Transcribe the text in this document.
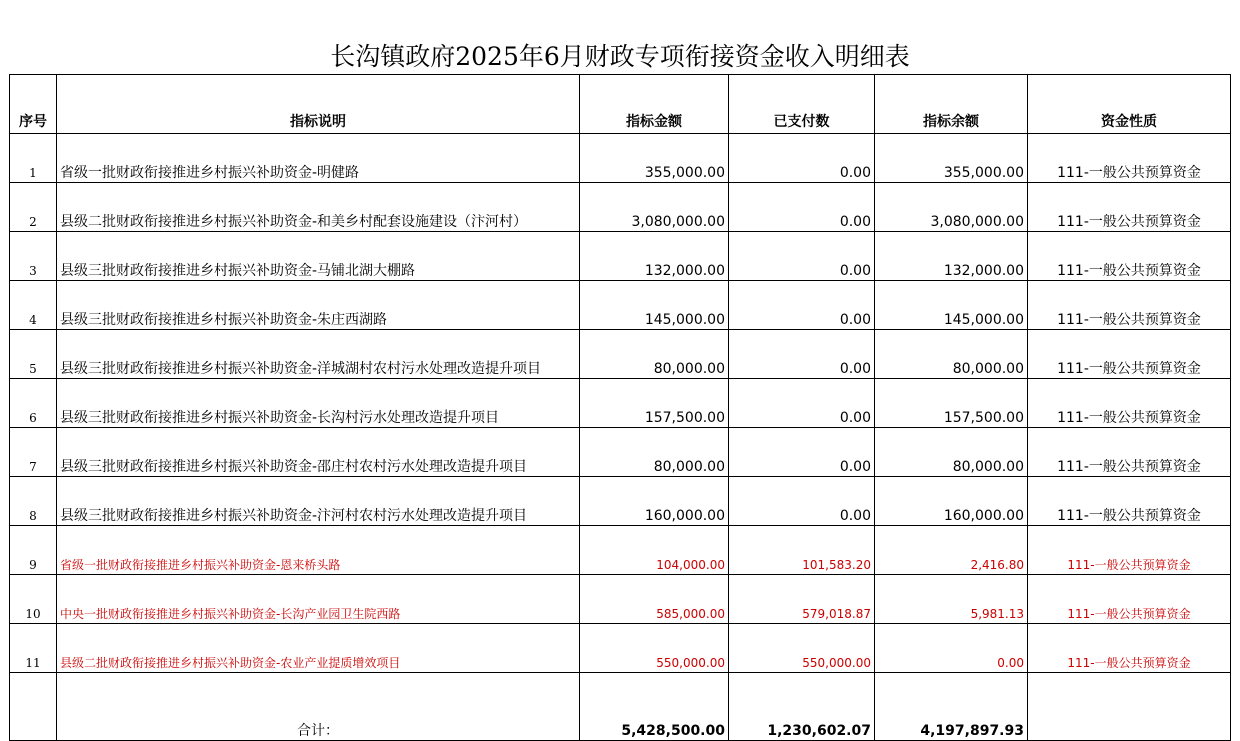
长沟镇政府2025年6月财政专项衔接资金收入明细表
序号	指标说明	指标金额	已支付数	指标余额	资金性质
1	省级一批财政衔接推进乡村振兴补助资金-明健路	355,000.00	0.00	355,000.00	111-一般公共预算资金
2	县级二批财政衔接推进乡村振兴补助资金-和美乡村配套设施建设（汴河村）	3,080,000.00	0.00	3,080,000.00	111-一般公共预算资金
3	县级三批财政衔接推进乡村振兴补助资金-马铺北湖大棚路	132,000.00	0.00	132,000.00	111-一般公共预算资金
4	县级三批财政衔接推进乡村振兴补助资金-朱庄西湖路	145,000.00	0.00	145,000.00	111-一般公共预算资金
5	县级三批财政衔接推进乡村振兴补助资金-洋城湖村农村污水处理改造提升项目	80,000.00	0.00	80,000.00	111-一般公共预算资金
6	县级三批财政衔接推进乡村振兴补助资金-长沟村污水处理改造提升项目	157,500.00	0.00	157,500.00	111-一般公共预算资金
7	县级三批财政衔接推进乡村振兴补助资金-邵庄村农村污水处理改造提升项目	80,000.00	0.00	80,000.00	111-一般公共预算资金
8	县级三批财政衔接推进乡村振兴补助资金-汴河村农村污水处理改造提升项目	160,000.00	0.00	160,000.00	111-一般公共预算资金
9	省级一批财政衔接推进乡村振兴补助资金-恩来桥头路	104,000.00	101,583.20	2,416.80	111-一般公共预算资金
10	中央一批财政衔接推进乡村振兴补助资金-长沟产业园卫生院西路	585,000.00	579,018.87	5,981.13	111-一般公共预算资金
11	县级二批财政衔接推进乡村振兴补助资金-农业产业提质增效项目	550,000.00	550,000.00	0.00	111-一般公共预算资金
	合计：	5,428,500.00	1,230,602.07	4,197,897.93	
